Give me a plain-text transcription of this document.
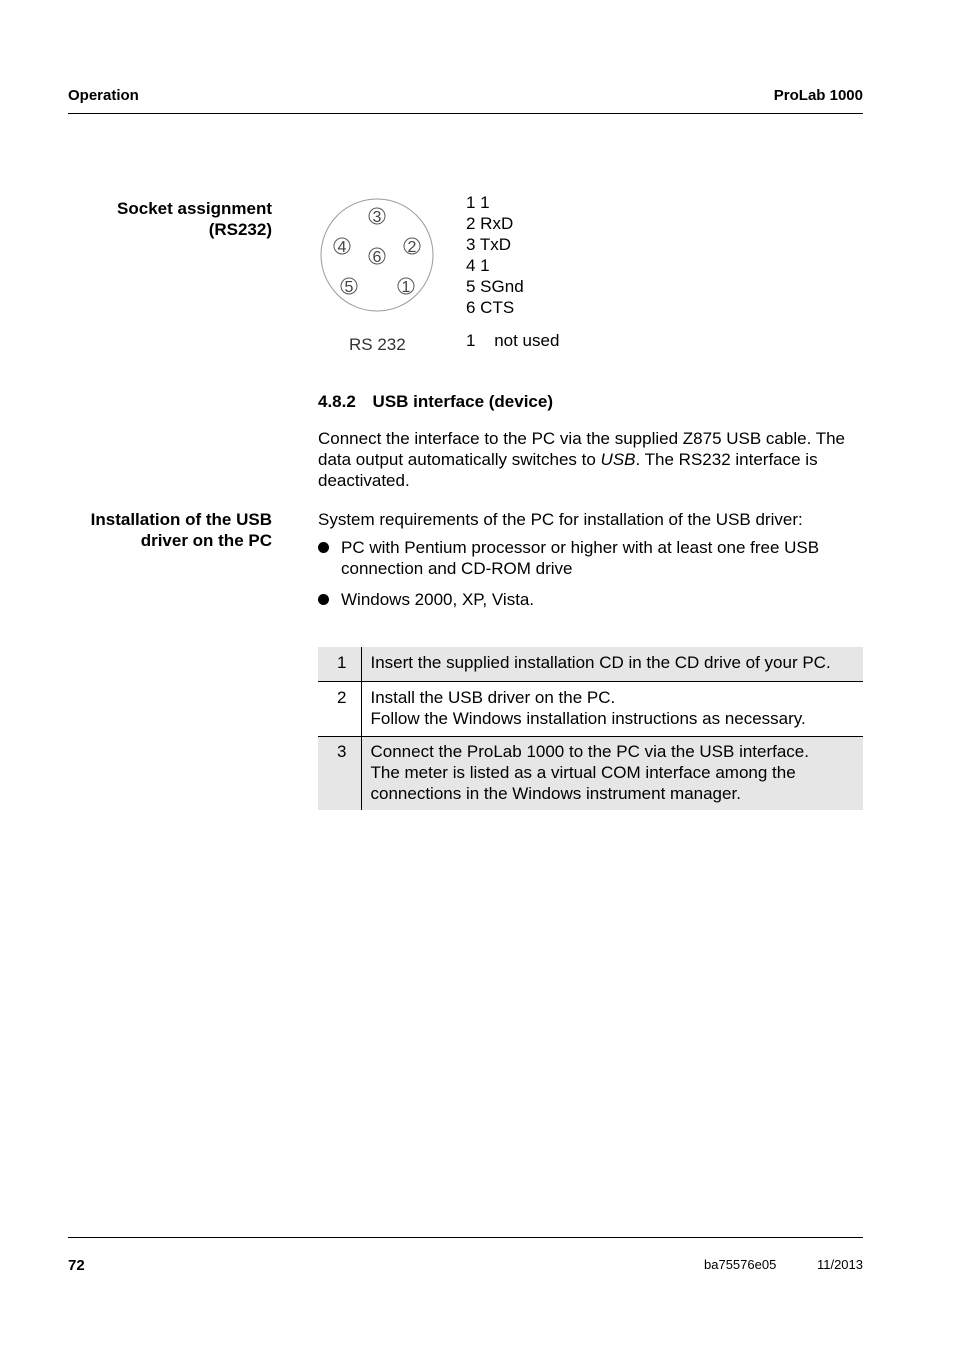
Operation	ProLab 1000
Socket assignment
(RS232)
3
4	2
6
5	1
RS 232
1 1
2 RxD
3 TxD
4 1
5 SGnd
6 CTS
1 not used
4.8.2 USB interface (device)
Connect the interface to the PC via the supplied Z875 USB cable. The data output automatically switches to USB. The RS232 interface is deactivated.
Installation of the USB
driver on the PC
System requirements of the PC for installation of the USB driver:
PC with Pentium processor or higher with at least one free USB connection and CD-ROM drive
Windows 2000, XP, Vista.
1	Insert the supplied installation CD in the CD drive of your PC.

2	Install the USB driver on the PC.
Follow the Windows installation instructions as necessary.

3	Connect the ProLab 1000 to the PC via the USB interface.
The meter is listed as a virtual COM interface among the
connections in the Windows instrument manager.
72	ba75576e05	11/2013
